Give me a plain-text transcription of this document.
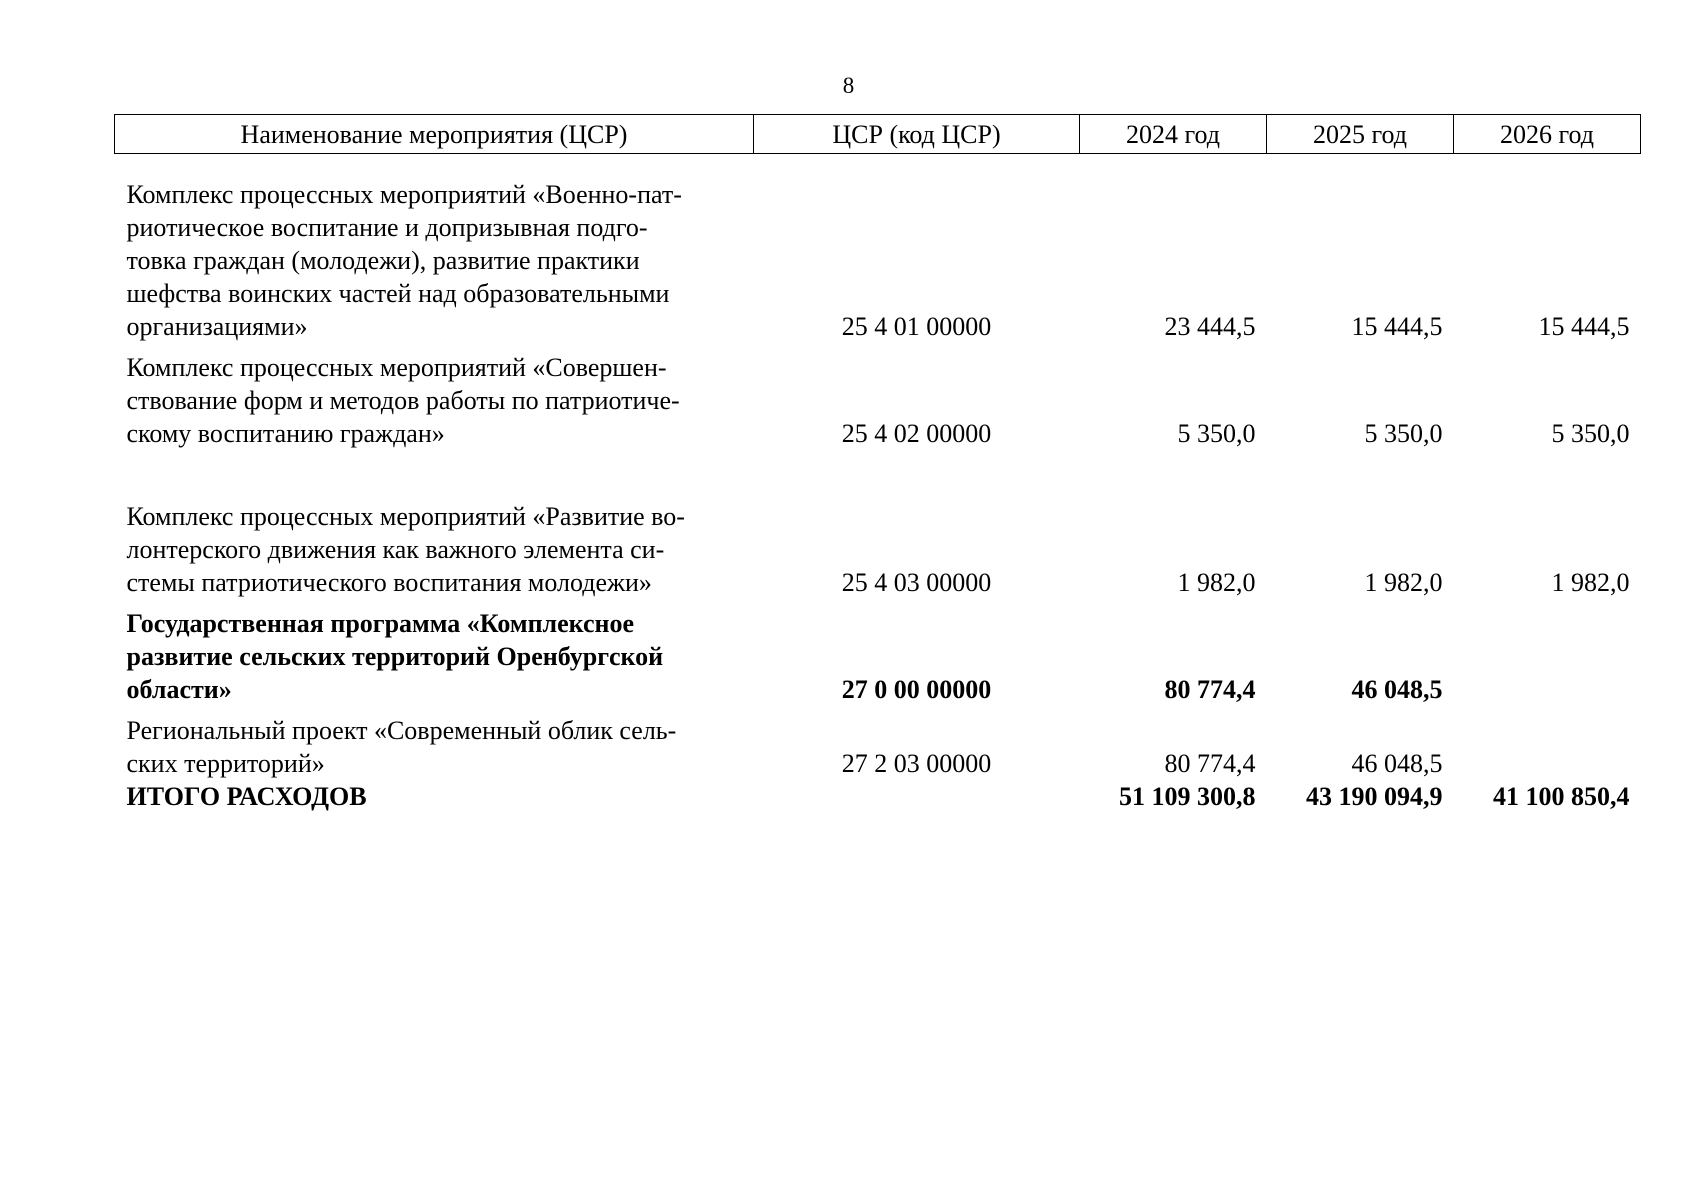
8
Наименование мероприятия (ЦСР)	ЦСР (код ЦСР)	2024 год	2025 год	2026 год

Комплекс процессных мероприятий «Военно-пат-
риотическое воспитание и допризывная подго-
товка граждан (молодежи), развитие практики
шефства воинских частей над образовательными
организациями»	25 4 01 00000	23 444,5	15 444,5	15 444,5
Комплекс процессных мероприятий «Совершен-
ствование форм и методов работы по патриотиче-
скому воспитанию граждан»	25 4 02 00000	5 350,0	5 350,0	5 350,0

Комплекс процессных мероприятий «Развитие во-
лонтерского движения как важного элемента си-
стемы патриотического воспитания молодежи»	25 4 03 00000	1 982,0	1 982,0	1 982,0
Государственная программа «Комплексное
развитие сельских территорий Оренбургской
области»	27 0 00 00000	80 774,4	46 048,5	
Региональный проект «Современный облик сель-
ских территорий»	27 2 03 00000	80 774,4	46 048,5	
ИТОГО РАСХОДОВ		51 109 300,8	43 190 094,9	41 100 850,4
